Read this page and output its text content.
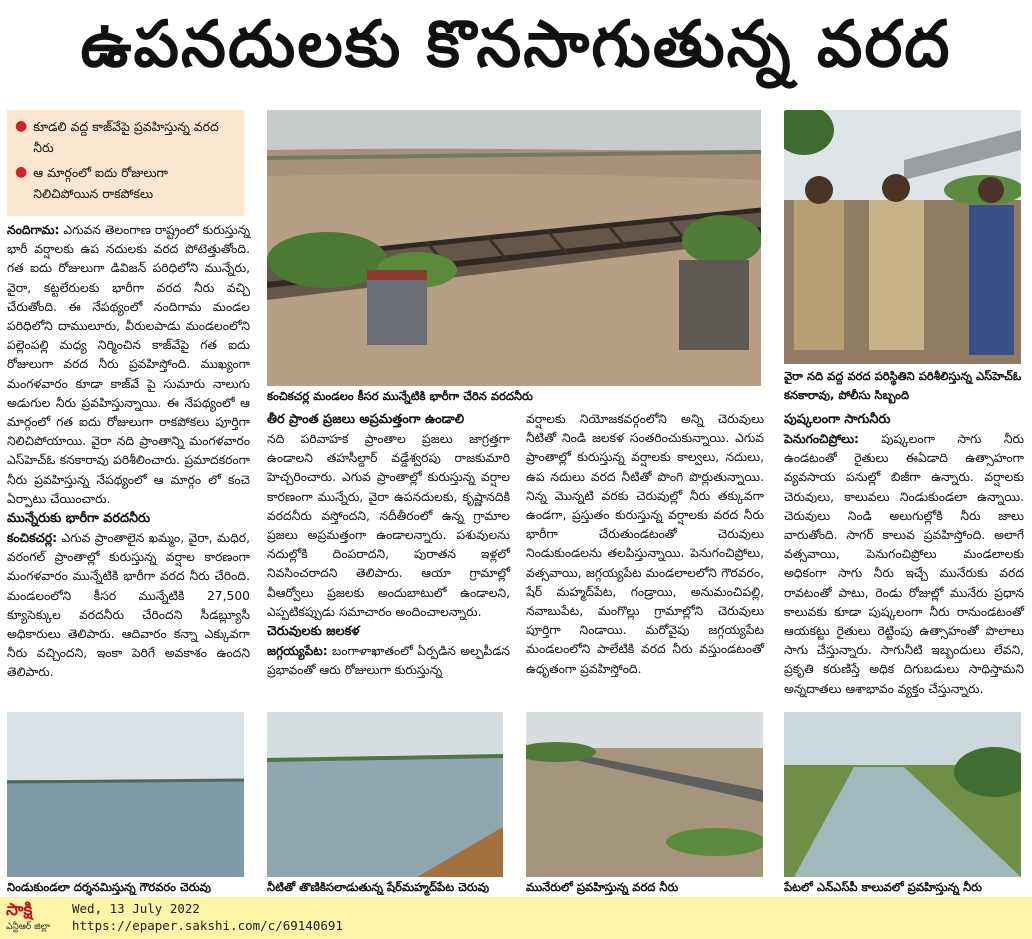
ఉపనదులకు కొనసాగుతున్న వరద
● కూడలి వద్ద కాజ్‌వేపై ప్రవహిస్తున్న వరద నీరు
● ఆ మార్గంలో ఐదు రోజులుగా నిలిచిపోయిన రాకపోకలు

నందిగామ: ఎగువన తెలంగాణ రాష్ట్రంలో కురుస్తున్న భారీ వర్షాలకు ఉప నదులకు వరద పోటెత్తుతోంది. గత ఐదు రోజులుగా డివిజన్ పరిధిలోని మున్నేరు, వైరా, కట్టలేరులకు భారీగా వరద నీరు వచ్చి చేరుతోంది. ఈ నేపథ్యంలో నందిగామ మండల పరిధిలోని దాములూరు, వీరులపాడు మండలంలోని పల్లెంపల్లి మధ్య నిర్మించిన కాజ్‌వేపై గత ఐదు రోజులుగా వరద నీరు ప్రవహిస్తోంది. ముఖ్యంగా మంగళవారం కూడా కాజ్‌వే పై సుమారు నాలుగు అడుగుల నీరు ప్రవహిస్తున్నాయి. ఈ నేపథ్యంలో ఆ మార్గంలో గత ఐదు రోజులుగా రాకపోకలు పూర్తిగా నిలిచిపోయాయి. వైరా నది ప్రాంతాన్ని మంగళవారం ఎస్‌హెచ్‌ఓ కనకారావు పరిశీలించారు. ప్రమాదకరంగా నీరు ప్రవహిస్తున్న నేపథ్యంలో ఆ మార్గం లో కంచె ఏర్పాటు చేయించారు.

మున్నేరుకు భారీగా వరదనీరు

కంచికచర్ల: ఎగువ ప్రాంతాలైన ఖమ్మం, వైరా, మధిర, వరంగల్ ప్రాంతాల్లో కురుస్తున్న వర్షాల కారణంగా మంగళవారం మున్నేటికి భారీగా వరద నీరు చేరింది. మండలంలోని కీసర మున్నేటికి 27,500 క్యూసెక్కుల వరదనీరు చేరిందని సీడబ్ల్యూసీ అధికారులు తెలిపారు. ఆదివారం కన్నా ఎక్కువగా నీరు వచ్చిందని, ఇంకా పెరిగే అవకాశం ఉందని తెలిపారు.

కంచికచర్ల మండలం కీసర మున్నేటికి భారీగా చేరిన వరదనీరు
వైరా నది వద్ద వరద పరిస్థితిని పరిశీలిస్తున్న ఎస్‌హెచ్‌ఓ కనకారావు, పోలీసు సిబ్బంది

తీర ప్రాంత ప్రజలు అప్రమత్తంగా ఉండాలి

నది పరివాహక ప్రాంతాల ప్రజలు జాగ్రత్తగా ఉండాలని తహసీల్దార్ వడ్డేశ్వరపు రాజకుమారి హెచ్చరించారు. ఎగువ ప్రాంతాల్లో కురుస్తున్న వర్షాల కారణంగా మున్నేరు, వైరా ఉపనదులకు, కృష్ణానదికి వరదనీరు వస్తోందని, నదీతీరంలో ఉన్న గ్రామాల ప్రజలు అప్రమత్తంగా ఉండాలన్నారు. పశువులను నదుల్లోకి దింపరాదని, పురాతన ఇళ్లలో నివసించరాదని తెలిపారు. ఆయా గ్రామాల్లో వీఆర్వోలు ప్రజలకు అందుబాటులో ఉండాలని, ఎప్పటికప్పుడు సమాచారం అందించాలన్నారు.

చెరువులకు జలకళ

జగ్గయ్యపేట: బంగాళాఖాతంలో ఏర్పడిన అల్పపీడన ప్రభావంతో ఆరు రోజులుగా కురుస్తున్న

వర్షాలకు నియోజకవర్గంలోని అన్ని చెరువులు నీటితో నిండి జలకళ సంతరించుకున్నాయి. ఎగువ ప్రాంతాల్లో కురుస్తున్న వర్షాలకు కాల్వలు, నదులు, ఉప నదులు వరద నీటితో పొంగి పొర్లుతున్నాయి. నిన్న మొన్నటి వరకు చెరువుల్లో నీరు తక్కువగా ఉండగా, ప్రస్తుతం కురుస్తున్న వర్షాలకు వరద నీరు భారీగా చేరుతుండటంతో చెరువులు నిండుకుండలను తలపిస్తున్నాయి. పెనుగంచిప్రోలు, వత్సవాయి, జగ్గయ్యపేట మండలాలలోని గౌరవరం, షేర్ మహ్మద్‌పేట, గండ్రాయి, అనుమంచిపల్లి, నవాబుపేట, మంగొల్లు గ్రామాల్లోని చెరువులు పూర్తిగా నిండాయి. మరోవైపు జగ్గయ్యపేట మండలంలోని పాలేటికి వరద నీరు వస్తుండటంతో ఉధృతంగా ప్రవహిస్తోంది.

పుష్కలంగా సాగునీరు

పెనుగంచిప్రోలు: పుష్కలంగా సాగు నీరు ఉండటంతో రైతులు ఈఏడాది ఉత్సాహంగా వ్యవసాయ పనుల్లో బిజీగా ఉన్నారు. వర్షాలకు చెరువులు, కాలువలు నిండుకుండలా ఉన్నాయి. చెరువులు నిండి అలుగుల్లోకి నీరు జాలు వారుతోంది. సాగర్ కాలువ ప్రవహిస్తోంది. అలాగే వత్సవాయి, పెనుగంచిప్రోలు మండలాలకు అధికంగా సాగు నీరు ఇచ్చే మునేరుకు వరద రావటంతో పాటు, రెండు రోజుల్లో మునేరు ప్రధాన కాలువకు కూడా పుష్కలంగా నీరు రానుండటంతో ఆయకట్టు రైతులు రెట్టింపు ఉత్సాహంతో పొలాలు సాగు చేస్తున్నారు. సాగునీటి ఇబ్బందులు లేవని, ప్రకృతి కరుణిస్తే అధిక దిగుబడులు సాధిస్తామని అన్నదాతలు ఆశాభావం వ్యక్తం చేస్తున్నారు.

నిండుకుండలా దర్శనమిస్తున్న గౌరవరం చెరువు	నీటితో తొణికిసలాడుతున్న షేర్‌మహ్మద్‌పేట చెరువు	మునేరులో ప్రవహిస్తున్న వరద నీరు	పేటలో ఎన్‌ఎస్‌పీ కాలువలో ప్రవహిస్తున్న నీరు
సాక్షి
ఎన్టీఆర్ జిల్లా
Wed, 13 July 2022
https://epaper.sakshi.com/c/69140691
